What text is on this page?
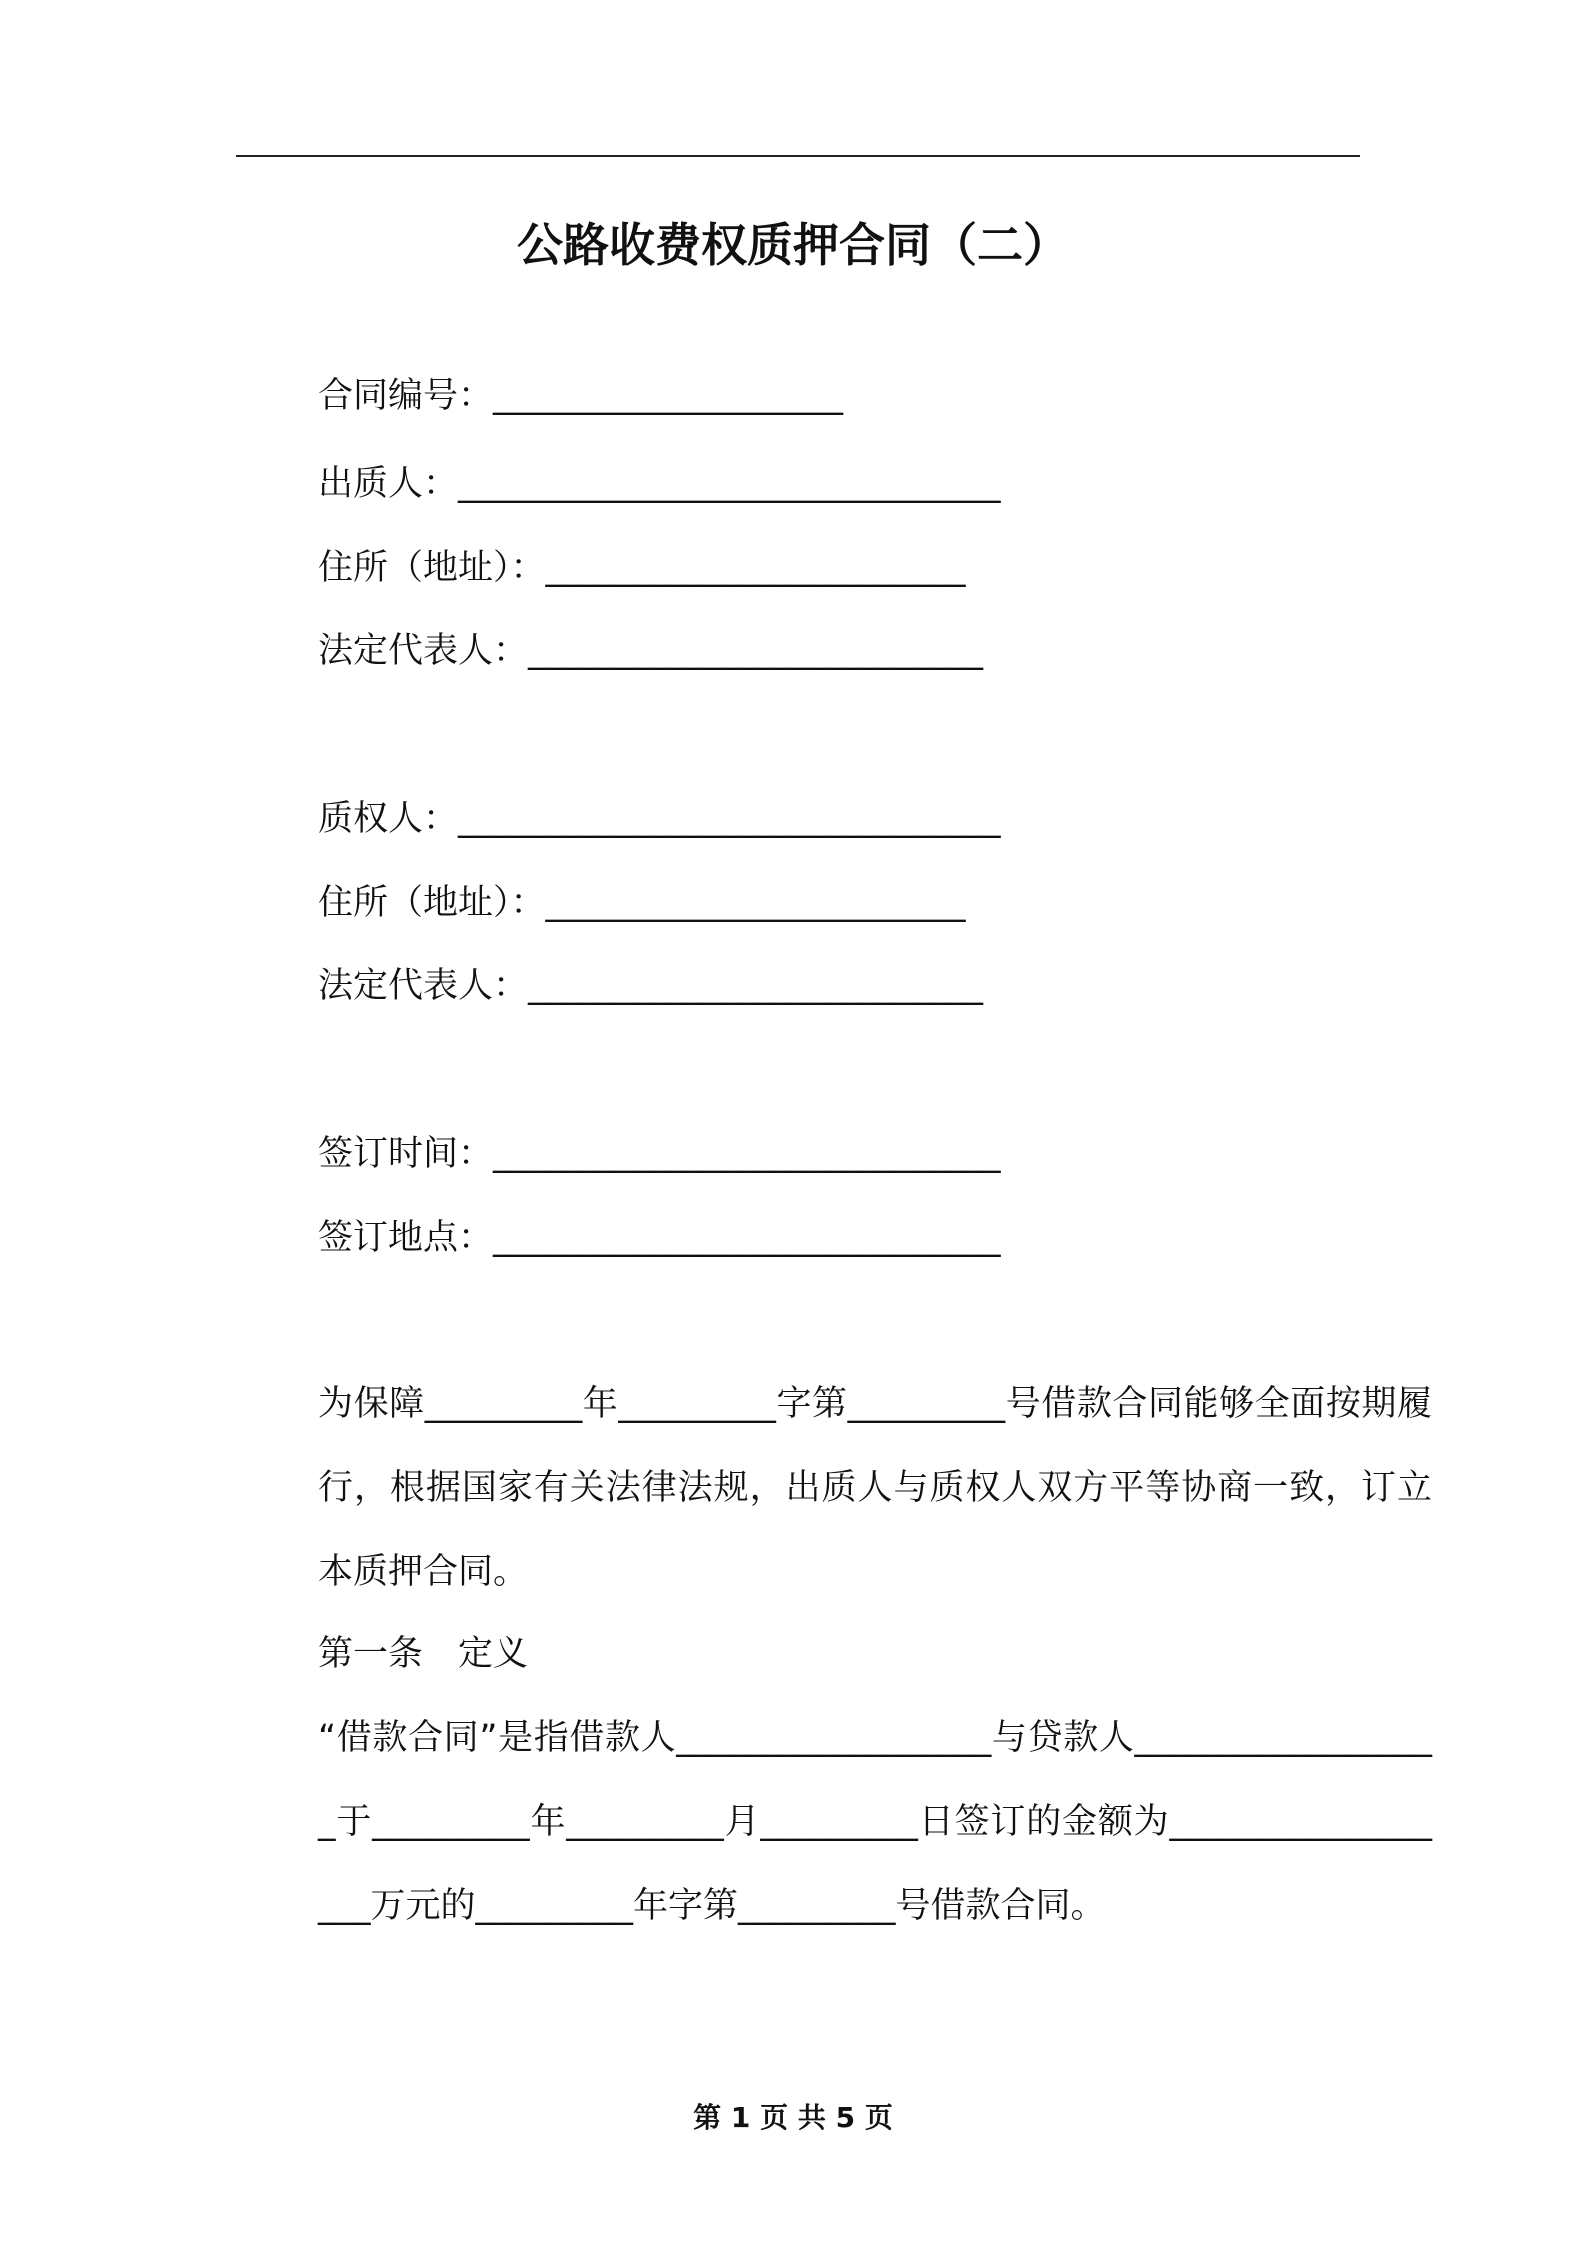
公路收费权质押合同（二）
合同编号：____________________
出质人：_______________________________
住所（地址）：________________________
法定代表人：__________________________
质权人：_______________________________
住所（地址）：________________________
法定代表人：__________________________
签订时间：_____________________________
签订地点：_____________________________
为保障_________年_________字第_________号借款合同能够全面按期履行，根据国家有关法律法规，出质人与质权人双方平等协商一致，订立本质押合同。
第一条　定义
“借款合同”是指借款人__________________与贷款人__________________于_________年_________月_________日签订的金额为__________________万元的_________年字第_________号借款合同。
第 1 页 共 5 页
